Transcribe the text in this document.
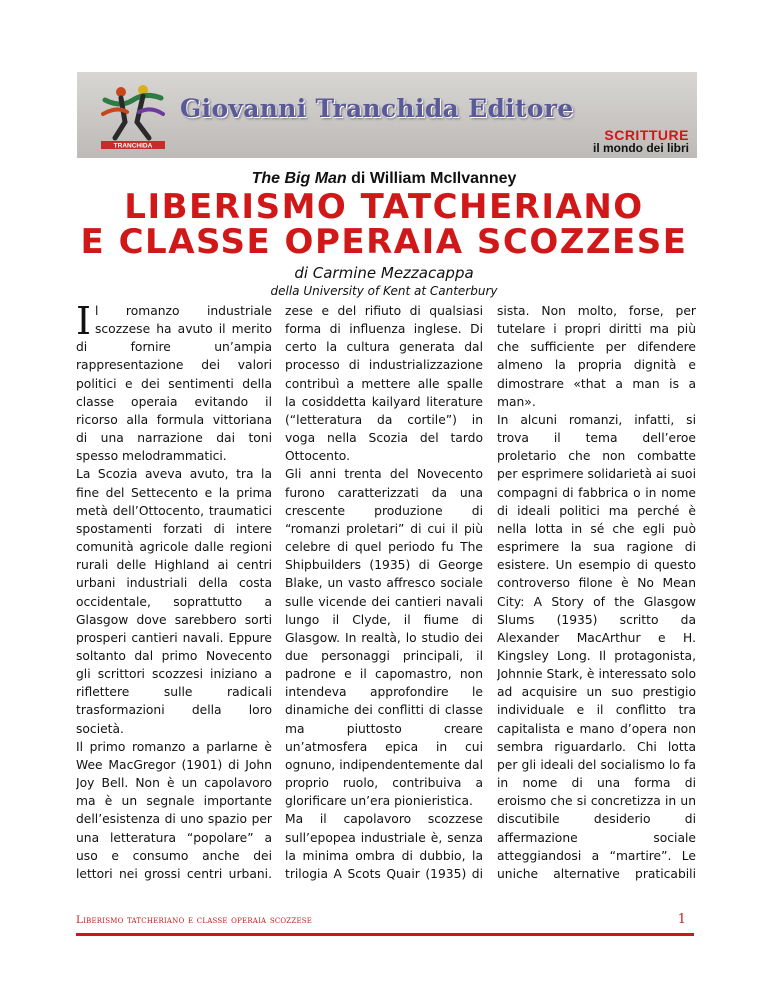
TRANCHIDA
Giovanni Tranchida Editore
SCRITTURE
il mondo dei libri
The Big Man di William McIlvanney
LIBERISMO TATCHERIANO
E CLASSE OPERAIA SCOZZESE
di Carmine Mezzacappa
della University of Kent at Canterbury
Il romanzo industriale scozzese ha avuto il merito di fornire un’ampia rappresentazione dei valori politici e dei sentimenti della classe operaia evitando il ricorso alla formula vittoriana di una narrazione dai toni spesso melodrammatici.
La Scozia aveva avuto, tra la fine del Settecento e la prima metà dell’Ottocento, traumatici spostamenti forzati di intere comunità agricole dalle regioni rurali delle Highland ai centri urbani industriali della costa occidentale, soprattutto a Glasgow dove sarebbero sorti prosperi cantieri navali. Eppure soltanto dal primo Novecento gli scrittori scozzesi iniziano a riflettere sulle radicali trasformazioni della loro società.
Il primo romanzo a parlarne è Wee MacGregor (1901) di John Joy Bell. Non è un capolavoro ma è un segnale importante dell’esistenza di uno spazio per una letteratura “popolare” a uso e consumo anche dei lettori nei grossi centri urbani.
zese e del rifiuto di qualsiasi forma di influenza inglese. Di certo la cultura generata dal processo di industrializzazione contribuì a mettere alle spalle la cosiddetta kailyard literature (“letteratura da cortile”) in voga nella Scozia del tardo Ottocento.
Gli anni trenta del Novecento furono caratterizzati da una crescente produzione di “romanzi proletari” di cui il più celebre di quel periodo fu The Shipbuilders (1935) di George Blake, un vasto affresco sociale sulle vicende dei cantieri navali lungo il Clyde, il fiume di Glasgow. In realtà, lo studio dei due personaggi principali, il padrone e il capomastro, non intendeva approfondire le dinamiche dei conflitti di classe ma piuttosto creare un’atmosfera epica in cui ognuno, indipendentemente dal proprio ruolo, contribuiva a glorificare un’era pionieristica.
Ma il capolavoro scozzese sull’epopea industriale è, senza la minima ombra di dubbio, la trilogia A Scots Quair (1935) di
sista. Non molto, forse, per tutelare i propri diritti ma più che sufficiente per difendere almeno la propria dignità e dimostrare «that a man is a man».
In alcuni romanzi, infatti, si trova il tema dell’eroe proletario che non combatte per esprimere solidarietà ai suoi compagni di fabbrica o in nome di ideali politici ma perché è nella lotta in sé che egli può esprimere la sua ragione di esistere. Un esempio di questo controverso filone è No Mean City: A Story of the Glasgow Slums (1935) scritto da Alexander MacArthur e H. Kingsley Long. Il protagonista, Johnnie Stark, è interessato solo ad acquisire un suo prestigio individuale e il conflitto tra capitalista e mano d’opera non sembra riguardarlo. Chi lotta per gli ideali del socialismo lo fa in nome di una forma di eroismo che si concretizza in un discutibile desiderio di affermazione sociale atteggiandosi a “martire”. Le uniche alternative praticabili
Liberismo tatcheriano e classe operaia scozzese	1
